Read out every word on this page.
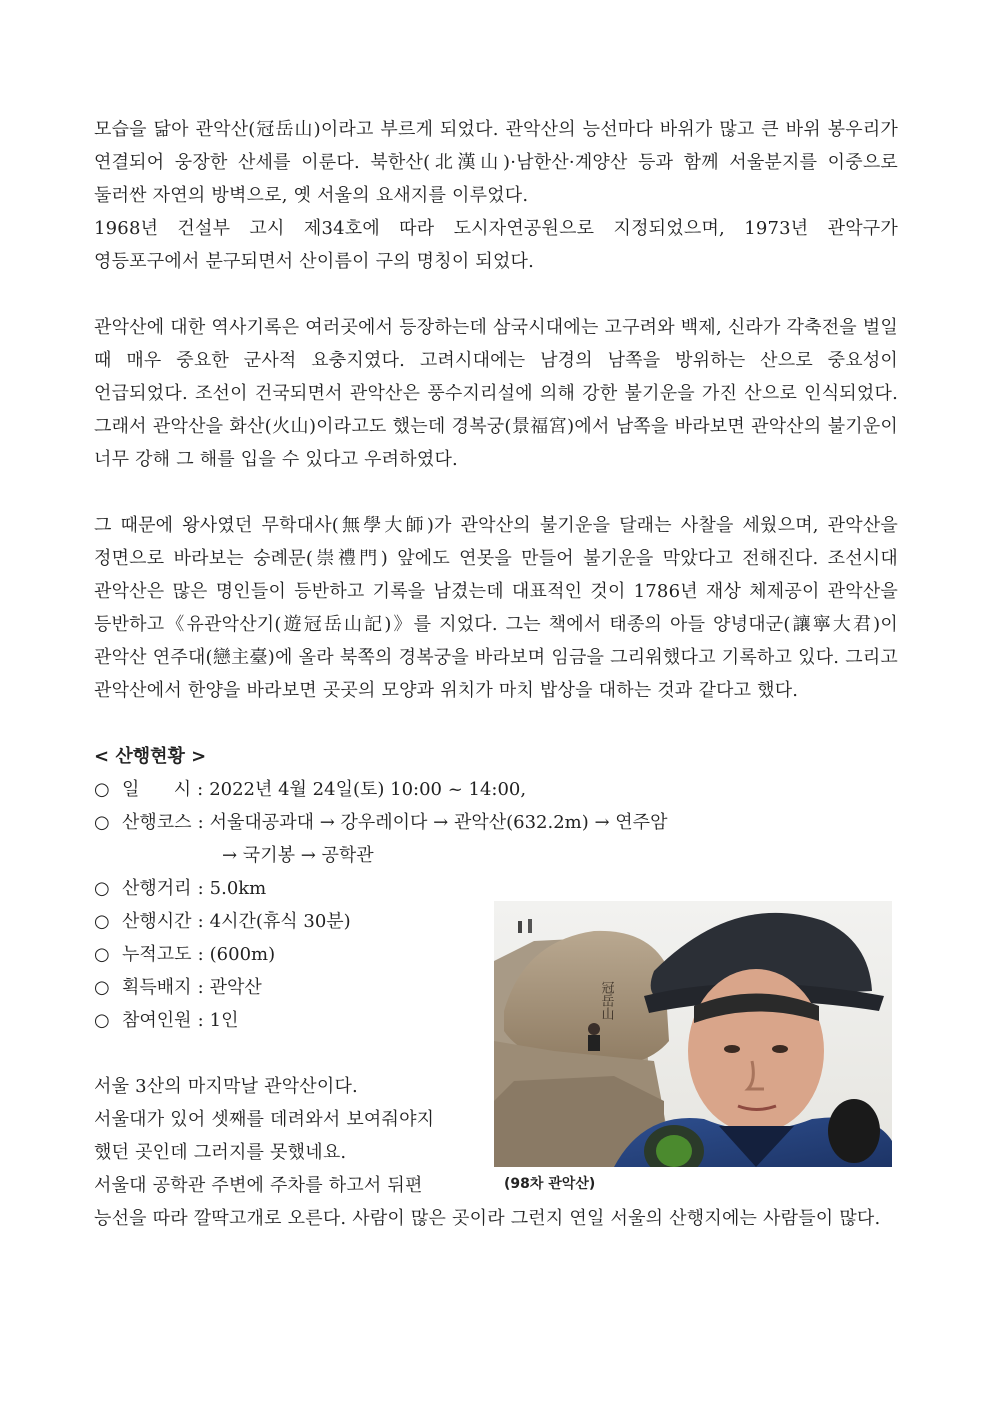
모습을 닮아 관악산(冠岳山)이라고 부르게 되었다. 관악산의 능선마다 바위가 많고 큰 바위 봉우리가 연결되어 웅장한 산세를 이룬다. 북한산(北漢山)·남한산·계양산 등과 함께 서울분지를 이중으로 둘러싼 자연의 방벽으로, 옛 서울의 요새지를 이루었다.

1968년 건설부 고시 제34호에 따라 도시자연공원으로 지정되었으며, 1973년 관악구가 영등포구에서 분구되면서 산이름이 구의 명칭이 되었다.

관악산에 대한 역사기록은 여러곳에서 등장하는데 삼국시대에는 고구려와 백제, 신라가 각축전을 벌일 때 매우 중요한 군사적 요충지였다. 고려시대에는 남경의 남쪽을 방위하는 산으로 중요성이 언급되었다. 조선이 건국되면서 관악산은 풍수지리설에 의해 강한 불기운을 가진 산으로 인식되었다. 그래서 관악산을 화산(火山)이라고도 했는데 경복궁(景福宮)에서 남쪽을 바라보면 관악산의 불기운이 너무 강해 그 해를 입을 수 있다고 우려하였다.

그 때문에 왕사였던 무학대사(無學大師)가 관악산의 불기운을 달래는 사찰을 세웠으며, 관악산을 정면으로 바라보는 숭례문(崇禮門) 앞에도 연못을 만들어 불기운을 막았다고 전해진다. 조선시대 관악산은 많은 명인들이 등반하고 기록을 남겼는데 대표적인 것이 1786년 재상 체제공이 관악산을 등반하고《유관악산기(遊冠岳山記)》를 지었다. 그는 책에서 태종의 아들 양녕대군(讓寧大君)이 관악산 연주대(戀主臺)에 올라 북쪽의 경복궁을 바라보며 임금을 그리워했다고 기록하고 있다. 그리고 관악산에서 한양을 바라보면 곳곳의 모양과 위치가 마치 밥상을 대하는 것과 같다고 했다.

< 산행현황 >

○ 일      시 : 2022년 4월 24일(토) 10:00 ~ 14:00,
○ 산행코스 : 서울대공과대 → 강우레이다 → 관악산(632.2m) → 연주암
→ 국기봉 → 공학관
○ 산행거리 : 5.0km
○ 산행시간 : 4시간(휴식 30분)
○ 누적고도 : (600m)
○ 획득배지 : 관악산
○ 참여인원 : 1인

서울 3산의 마지막날 관악산이다.

서울대가 있어 셋째를 데려와서 보여줘야지

했던 곳인데 그러지를 못했네요.

서울대 공학관 주변에 주차를 하고서 뒤편

능선을 따라 깔딱고개로 오른다. 사람이 많은 곳이라 그런지 연일 서울의 산행지에는 사람들이 많다.

冠岳山
(98차 관악산)
